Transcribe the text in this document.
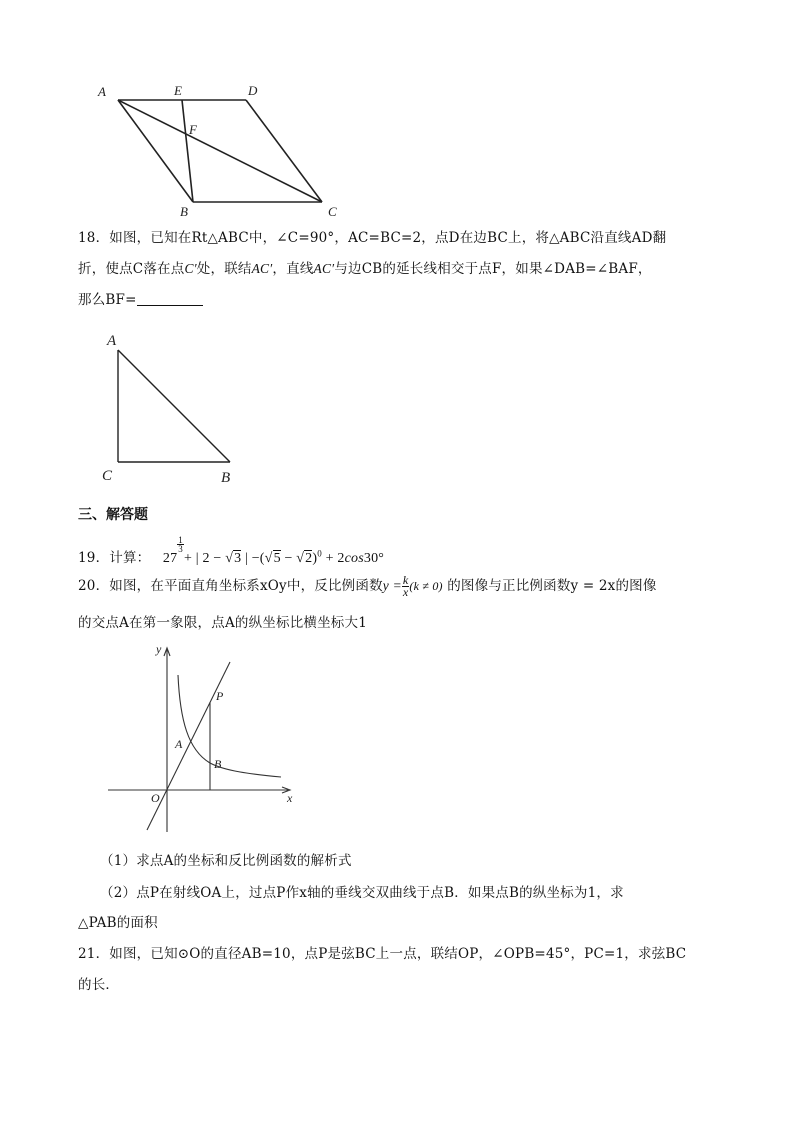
A	E	D
F
B	C
18．如图，已知在Rt△ABC中，∠C=90°，AC=BC=2，点D在边BC上，将△ABC沿直线AD翻
折，使点C落在点C′处，联结AC′，直线AC′与边CB的延长线相交于点F，如果∠DAB=∠BAF，
那么BF=
A
C	B
三、解答题
19．计算： 27
$\frac{1}{3}$
+ | 2 − √3 | $-(√5 - √2)^0 + 2\cos 30^\circ$
20．如图，在平面直角坐标系xOy中，反比例函数$y = \frac{k}{x} (k \ne 0)$ 的图像与正比例函数y = 2x的图像
的交点A在第一象限，点A的纵坐标比横坐标大1
y
x
O
A
P
B
（1）求点A的坐标和反比例函数的解析式
（2）点P在射线OA上，过点P作x轴的垂线交双曲线于点B．如果点B的纵坐标为1，求
△PAB的面积
21．如图，已知⊙O的直径AB=10，点P是弦BC上一点，联结OP，∠OPB=45°，PC=1，求弦BC
的长．
